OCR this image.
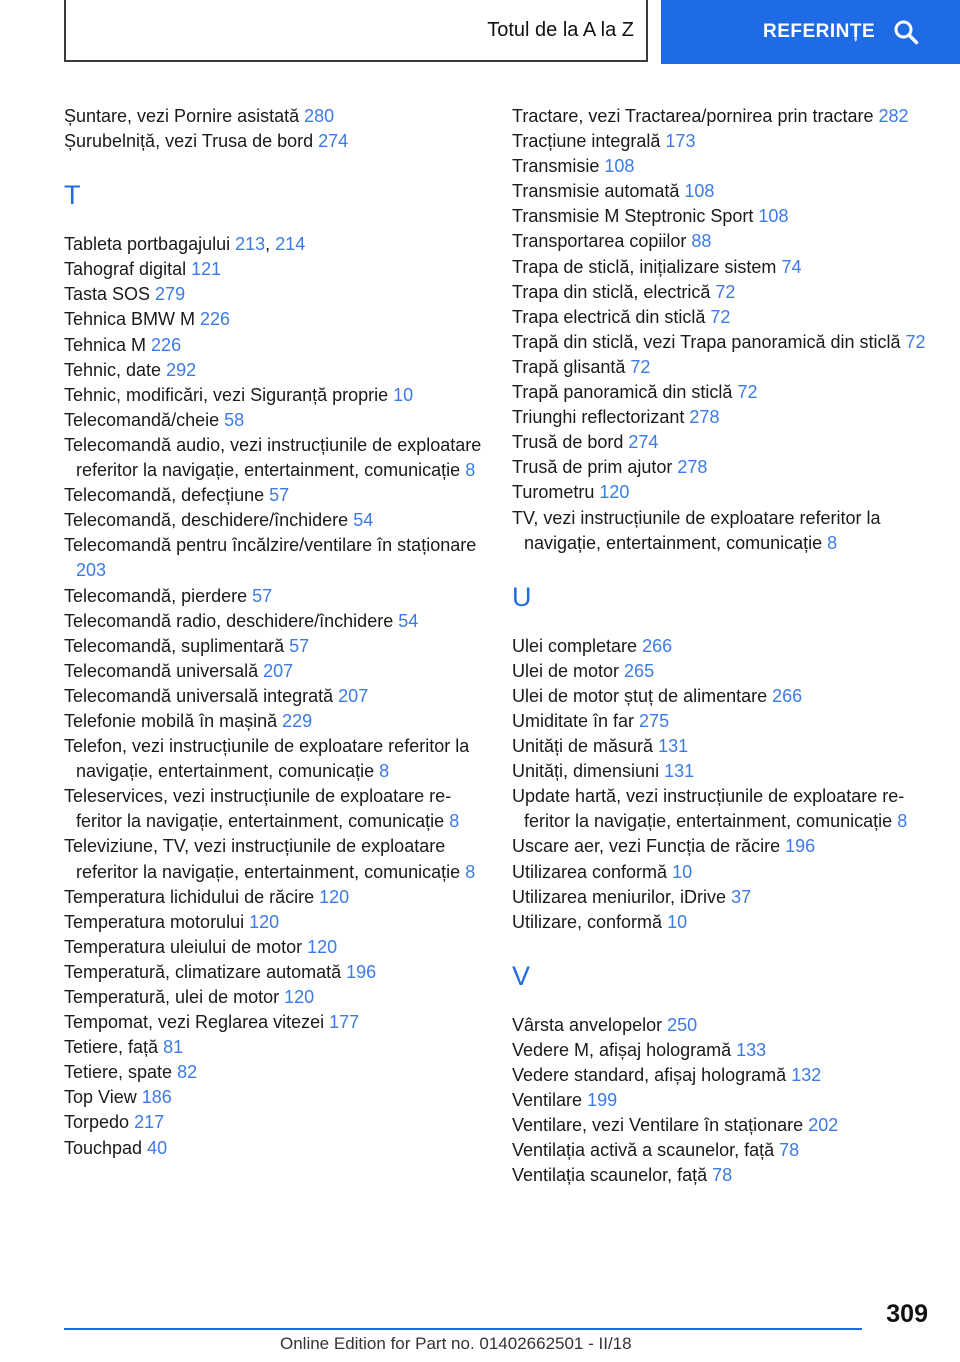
Totul de la A la Z	REFERINȚE
Șuntare, vezi Pornire asistată 280
Șurubelniță, vezi Trusa de bord 274
T
Tableta portbagajului 213, 214
Tahograf digital 121
Tasta SOS 279
Tehnica BMW M 226
Tehnica M 226
Tehnic, date 292
Tehnic, modificări, vezi Siguranță proprie 10
Telecomandă/cheie 58
Telecomandă audio, vezi instrucțiunile de exploatare referitor la navigație, entertainment, comunicație 8
Telecomandă, defecțiune 57
Telecomandă, deschidere/închidere 54
Telecomandă pentru încălzire/ventilare în staționare 203
Telecomandă, pierdere 57
Telecomandă radio, deschidere/închidere 54
Telecomandă, suplimentară 57
Telecomandă universală 207
Telecomandă universală integrată 207
Telefonie mobilă în mașină 229
Telefon, vezi instrucțiunile de exploatare referitor la navigație, entertainment, comunicație 8
Teleservices, vezi instrucțiunile de exploatare referitor la navigație, entertainment, comunicație 8
Televiziune, TV, vezi instrucțiunile de exploatare referitor la navigație, entertainment, comunicație 8
Temperatura lichidului de răcire 120
Temperatura motorului 120
Temperatura uleiului de motor 120
Temperatură, climatizare automată 196
Temperatură, ulei de motor 120
Tempomat, vezi Reglarea vitezei 177
Tetiere, față 81
Tetiere, spate 82
Top View 186
Torpedo 217
Touchpad 40
Tractare, vezi Tractarea/pornirea prin tractare 282
Tracțiune integrală 173
Transmisie 108
Transmisie automată 108
Transmisie M Steptronic Sport 108
Transportarea copiilor 88
Trapa de sticlă, inițializare sistem 74
Trapa din sticlă, electrică 72
Trapa electrică din sticlă 72
Trapă din sticlă, vezi Trapa panoramică din sticlă 72
Trapă glisantă 72
Trapă panoramică din sticlă 72
Triunghi reflectorizant 278
Trusă de bord 274
Trusă de prim ajutor 278
Turometru 120
TV, vezi instrucțiunile de exploatare referitor la navigație, entertainment, comunicație 8
U
Ulei completare 266
Ulei de motor 265
Ulei de motor ștuț de alimentare 266
Umiditate în far 275
Unități de măsură 131
Unități, dimensiuni 131
Update hartă, vezi instrucțiunile de exploatare referitor la navigație, entertainment, comunicație 8
Uscare aer, vezi Funcția de răcire 196
Utilizarea conformă 10
Utilizarea meniurilor, iDrive 37
Utilizare, conformă 10
V
Vârsta anvelopelor 250
Vedere M, afișaj hologramă 133
Vedere standard, afișaj hologramă 132
Ventilare 199
Ventilare, vezi Ventilare în staționare 202
Ventilația activă a scaunelor, față 78
Ventilația scaunelor, față 78
309
Online Edition for Part no. 01402662501 - II/18
